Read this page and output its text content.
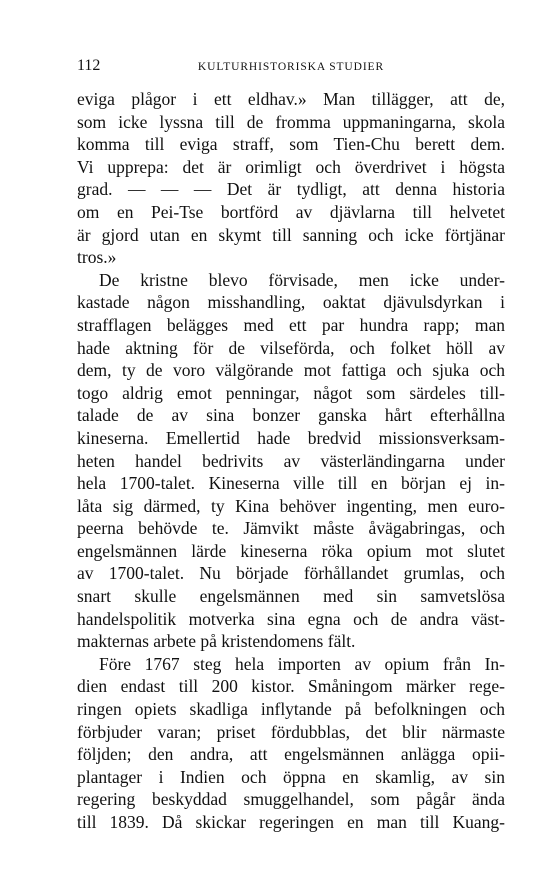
112	KULTURHISTORISKA STUDIER
eviga plågor i ett eldhav.» Man tillägger, att de,
som icke lyssna till de fromma uppmaningarna, skola
komma till eviga straff, som Tien-Chu berett dem.
Vi upprepa: det är orimligt och överdrivet i högsta
grad. — — — Det är tydligt, att denna historia
om en Pei-Tse bortförd av djävlarna till helvetet
är gjord utan en skymt till sanning och icke förtjänar
tros.»
De kristne blevo förvisade, men icke under-
kastade någon misshandling, oaktat djävulsdyrkan i
strafflagen belägges med ett par hundra rapp; man
hade aktning för de vilseförda, och folket höll av
dem, ty de voro välgörande mot fattiga och sjuka och
togo aldrig emot penningar, något som särdeles till-
talade de av sina bonzer ganska hårt efterhållna
kineserna. Emellertid hade bredvid missionsverksam-
heten handel bedrivits av västerländingarna under
hela 1700-talet. Kineserna ville till en början ej in-
låta sig därmed, ty Kina behöver ingenting, men euro-
peerna behövde te. Jämvikt måste åvägabringas, och
engelsmännen lärde kineserna röka opium mot slutet
av 1700-talet. Nu började förhållandet grumlas, och
snart skulle engelsmännen med sin samvetslösa
handelspolitik motverka sina egna och de andra väst-
makternas arbete på kristendomens fält.
Före 1767 steg hela importen av opium från In-
dien endast till 200 kistor. Småningom märker rege-
ringen opiets skadliga inflytande på befolkningen och
förbjuder varan; priset fördubblas, det blir närmaste
följden; den andra, att engelsmännen anlägga opii-
plantager i Indien och öppna en skamlig, av sin
regering beskyddad smuggelhandel, som pågår ända
till 1839. Då skickar regeringen en man till Kuang-
